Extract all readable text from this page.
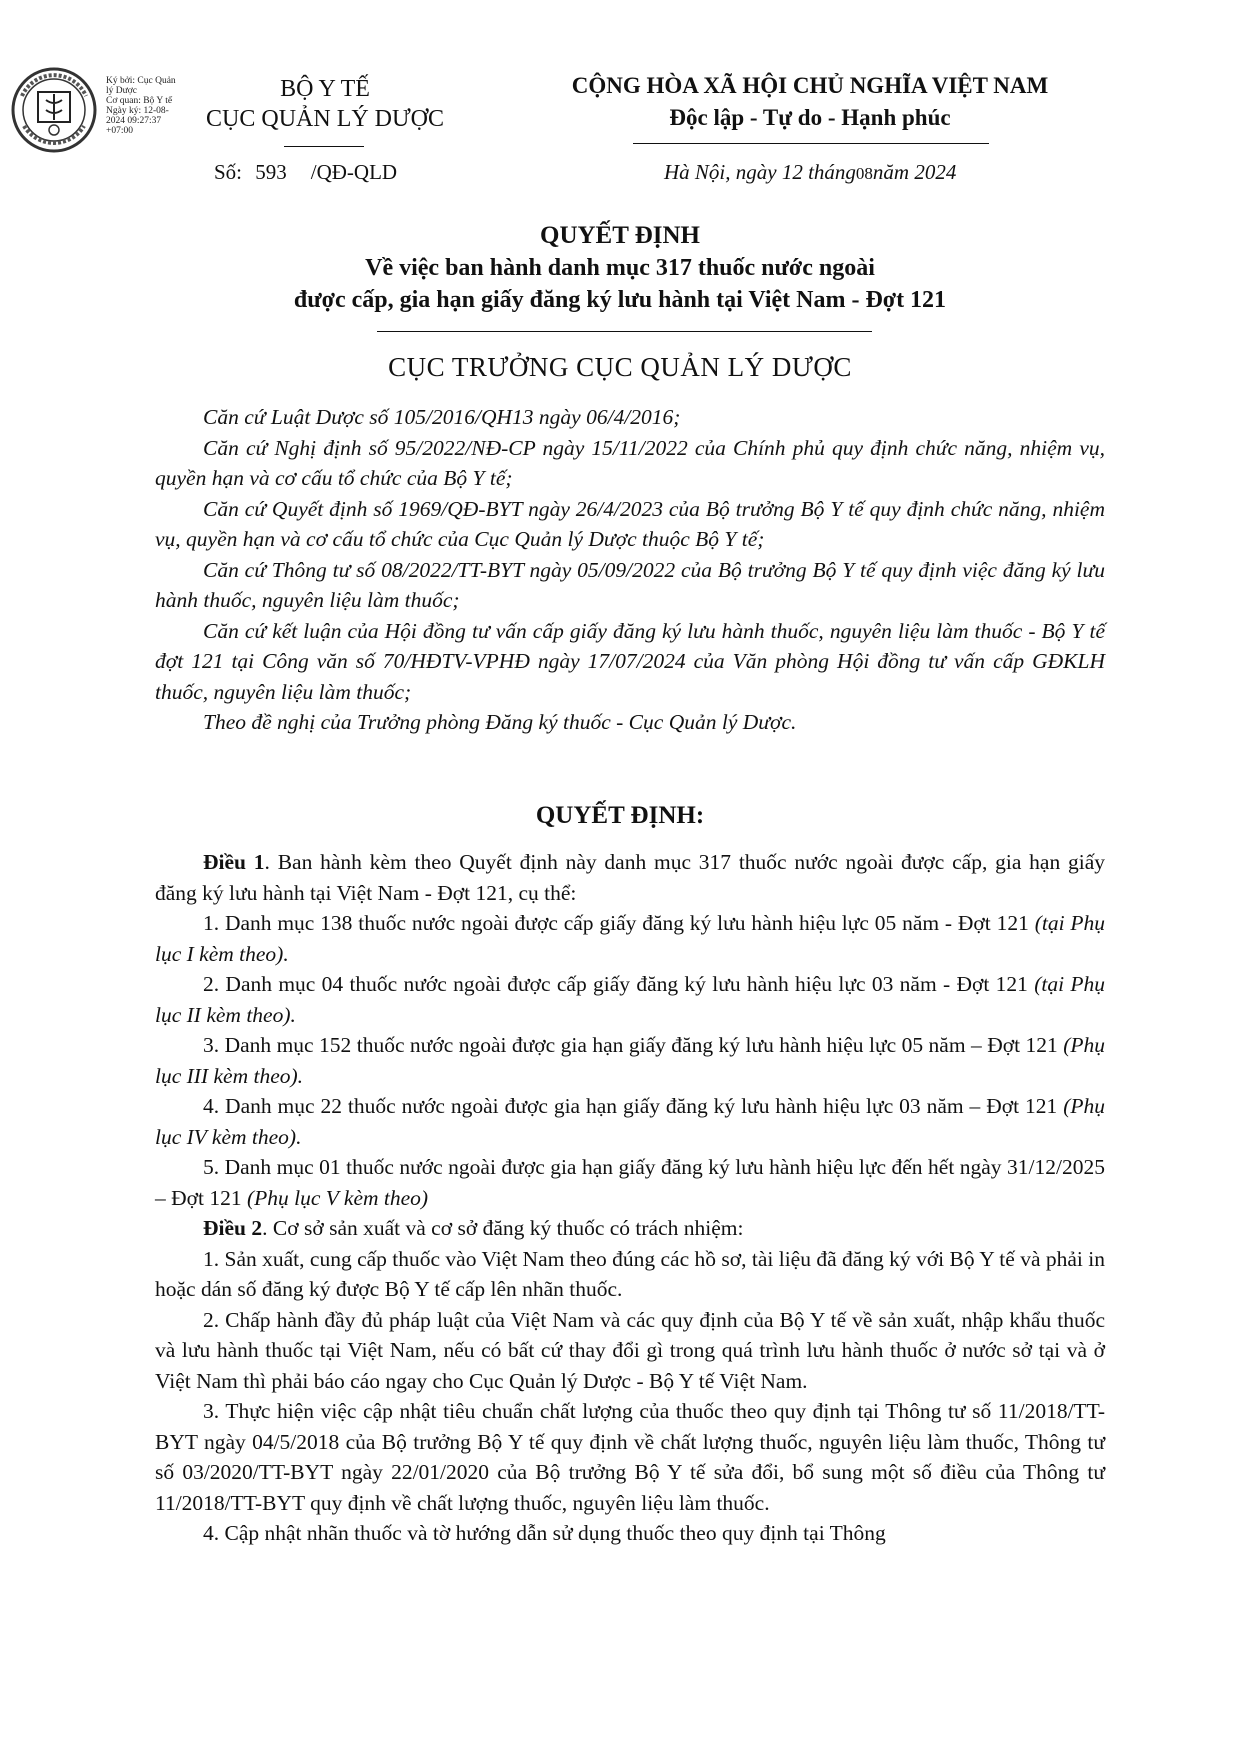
Ký bởi: Cục Quản
lý Dược
Cơ quan: Bộ Y tế
Ngày ký: 12-08-
2024 09:27:37
+07:00
BỘ Y TẾ
CỤC QUẢN LÝ DƯỢC
CỘNG HÒA XÃ HỘI CHỦ NGHĨA VIỆT NAM
Độc lập - Tự do - Hạnh phúc
Số: 593 /QĐ-QLD	Hà Nội, ngày 12 tháng08năm 2024
QUYẾT ĐỊNH
Về việc ban hành danh mục 317 thuốc nước ngoài
được cấp, gia hạn giấy đăng ký lưu hành tại Việt Nam - Đợt 121
CỤC TRƯỞNG CỤC QUẢN LÝ DƯỢC

Căn cứ Luật Dược số 105/2016/QH13 ngày 06/4/2016;

Căn cứ Nghị định số 95/2022/NĐ-CP ngày 15/11/2022 của Chính phủ quy định chức năng, nhiệm vụ, quyền hạn và cơ cấu tổ chức của Bộ Y tế;

Căn cứ Quyết định số 1969/QĐ-BYT ngày 26/4/2023 của Bộ trưởng Bộ Y tế quy định chức năng, nhiệm vụ, quyền hạn và cơ cấu tổ chức của Cục Quản lý Dược thuộc Bộ Y tế;

Căn cứ Thông tư số 08/2022/TT-BYT ngày 05/09/2022 của Bộ trưởng Bộ Y tế quy định việc đăng ký lưu hành thuốc, nguyên liệu làm thuốc;

Căn cứ kết luận của Hội đồng tư vấn cấp giấy đăng ký lưu hành thuốc, nguyên liệu làm thuốc - Bộ Y tế đợt 121 tại Công văn số 70/HĐTV-VPHĐ ngày 17/07/2024 của Văn phòng Hội đồng tư vấn cấp GĐKLH thuốc, nguyên liệu làm thuốc;

Theo đề nghị của Trưởng phòng Đăng ký thuốc - Cục Quản lý Dược.

QUYẾT ĐỊNH:

Điều 1. Ban hành kèm theo Quyết định này danh mục 317 thuốc nước ngoài được cấp, gia hạn giấy đăng ký lưu hành tại Việt Nam - Đợt 121, cụ thể:

1. Danh mục 138 thuốc nước ngoài được cấp giấy đăng ký lưu hành hiệu lực 05 năm - Đợt 121 (tại Phụ lục I kèm theo).

2. Danh mục 04 thuốc nước ngoài được cấp giấy đăng ký lưu hành hiệu lực 03 năm - Đợt 121 (tại Phụ lục II kèm theo).

3. Danh mục 152 thuốc nước ngoài được gia hạn giấy đăng ký lưu hành hiệu lực 05 năm – Đợt 121 (Phụ lục III kèm theo).

4. Danh mục 22 thuốc nước ngoài được gia hạn giấy đăng ký lưu hành hiệu lực 03 năm – Đợt 121 (Phụ lục IV kèm theo).

5. Danh mục 01 thuốc nước ngoài được gia hạn giấy đăng ký lưu hành hiệu lực đến hết ngày 31/12/2025 – Đợt 121 (Phụ lục V kèm theo)

Điều 2. Cơ sở sản xuất và cơ sở đăng ký thuốc có trách nhiệm:

1. Sản xuất, cung cấp thuốc vào Việt Nam theo đúng các hồ sơ, tài liệu đã đăng ký với Bộ Y tế và phải in hoặc dán số đăng ký được Bộ Y tế cấp lên nhãn thuốc.

2. Chấp hành đầy đủ pháp luật của Việt Nam và các quy định của Bộ Y tế về sản xuất, nhập khẩu thuốc và lưu hành thuốc tại Việt Nam, nếu có bất cứ thay đổi gì trong quá trình lưu hành thuốc ở nước sở tại và ở Việt Nam thì phải báo cáo ngay cho Cục Quản lý Dược - Bộ Y tế Việt Nam.

3. Thực hiện việc cập nhật tiêu chuẩn chất lượng của thuốc theo quy định tại Thông tư số 11/2018/TT-BYT ngày 04/5/2018 của Bộ trưởng Bộ Y tế quy định về chất lượng thuốc, nguyên liệu làm thuốc, Thông tư số 03/2020/TT-BYT ngày 22/01/2020 của Bộ trưởng Bộ Y tế sửa đổi, bổ sung một số điều của Thông tư 11/2018/TT-BYT quy định về chất lượng thuốc, nguyên liệu làm thuốc.

4. Cập nhật nhãn thuốc và tờ hướng dẫn sử dụng thuốc theo quy định tại Thông
